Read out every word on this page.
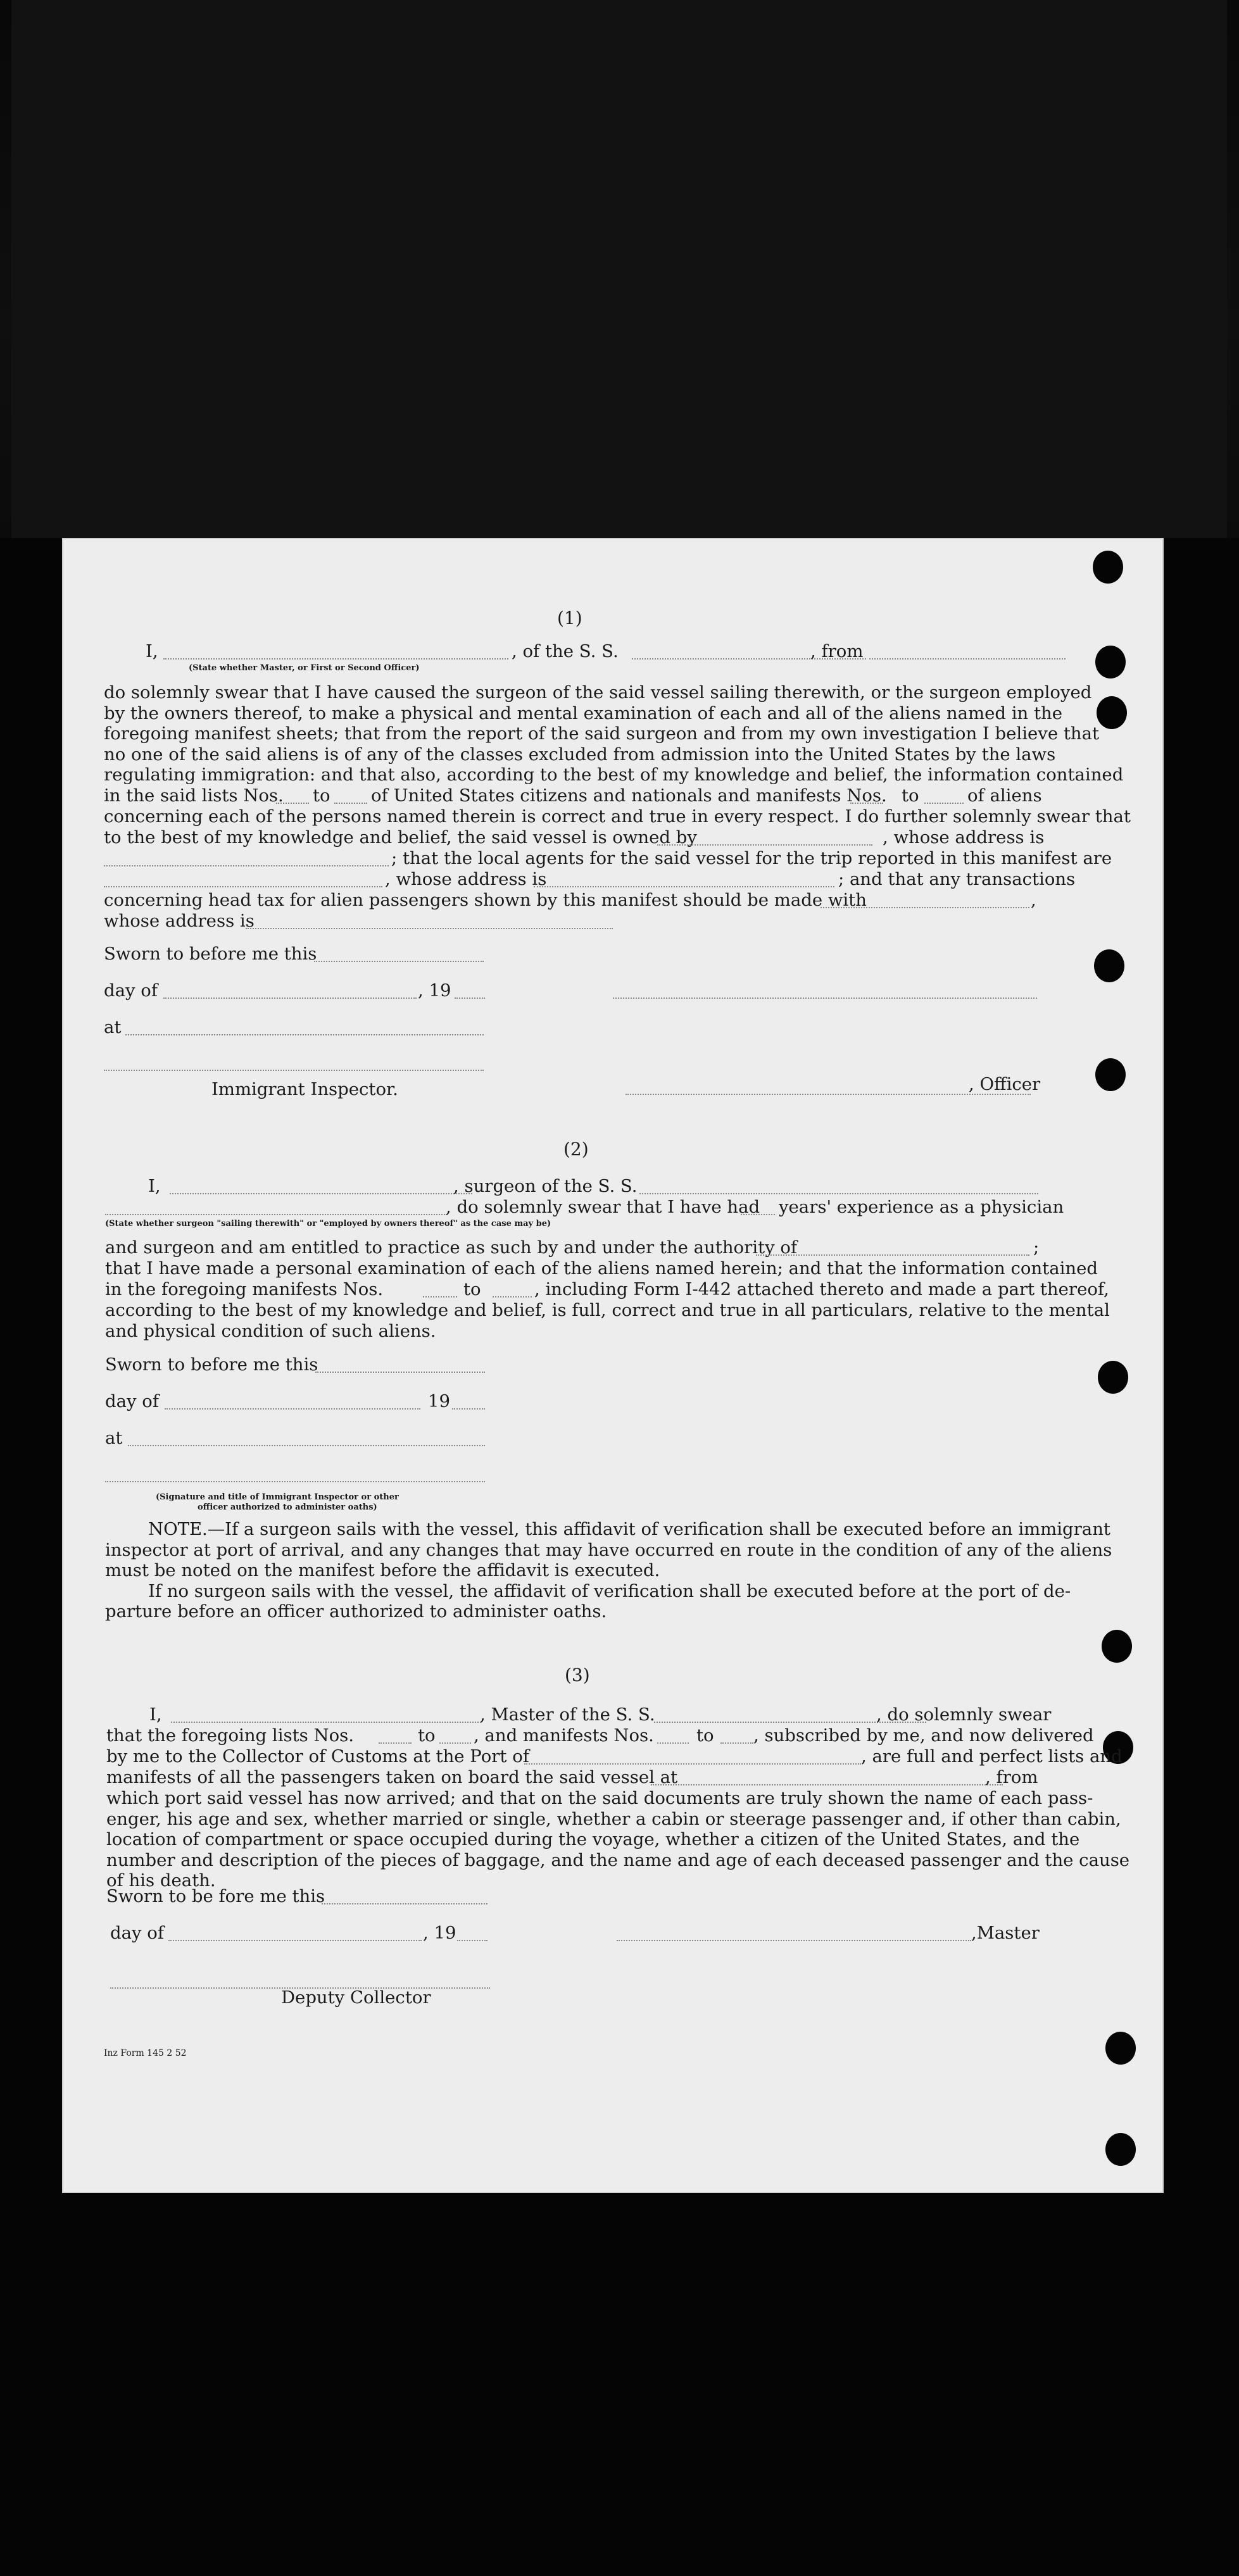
(1)
I,	, of the S. S.	, from
(State whether Master, or First or Second Officer)
do solemnly swear that I have caused the surgeon of the said vessel sailing therewith, or the surgeon employed
by the owners thereof, to make a physical and mental examination of each and all of the aliens named in the
foregoing manifest sheets; that from the report of the said surgeon and from my own investigation I believe that
no one of the said aliens is of any of the classes excluded from admission into the United States by the laws
regulating immigration: and that also, according to the best of my knowledge and belief, the information contained
in the said lists Nos. to of United States citizens and nationals and manifests Nos. to	of aliens
concerning each of the persons named therein is correct and true in every respect. I do further solemnly swear that
to the best of my knowledge and belief, the said vessel is owned by	, whose address is
; that the local agents for the said vessel for the trip reported in this manifest are
, whose address is	; and that any transactions
concerning head tax for alien passengers shown by this manifest should be made with	,
whose address is
Sworn to before me this
day of	, 19
at
Immigrant Inspector.	, Officer
(2)
I,	, surgeon of the S. S.
, do solemnly swear that I have had years' experience as a physician
(State whether surgeon "sailing therewith" or "employed by owners thereof" as the case may be)
and surgeon and am entitled to practice as such by and under the authority of	;
that I have made a personal examination of each of the aliens named herein; and that the information contained
in the foregoing manifests Nos.	to	, including Form I-442 attached thereto and made a part thereof,
according to the best of my knowledge and belief, is full, correct and true in all particulars, relative to the mental
and physical condition of such aliens.
Sworn to before me this
day of	19
at
(Signature and title of Immigrant Inspector or other
officer authorized to administer oaths)
NOTE.—If a surgeon sails with the vessel, this affidavit of verification shall be executed before an immigrant
inspector at port of arrival, and any changes that may have occurred en route in the condition of any of the aliens
must be noted on the manifest before the affidavit is executed.
If no surgeon sails with the vessel, the affidavit of verification shall be executed before at the port of de-
parture before an officer authorized to administer oaths.
(3)
I,	, Master of the S. S.	, do solemnly swear
that the foregoing lists Nos.	to , and manifests Nos. to , subscribed by me, and now delivered
by me to the Collector of Customs at the Port of	, are full and perfect lists and
manifests of all the passengers taken on board the said vessel at	, from
which port said vessel has now arrived; and that on the said documents are truly shown the name of each pass-
enger, his age and sex, whether married or single, whether a cabin or steerage passenger and, if other than cabin,
location of compartment or space occupied during the voyage, whether a citizen of the United States, and the
number and description of the pieces of baggage, and the name and age of each deceased passenger and the cause
of his death.
Sworn to be fore me this
day of	, 19	,Master
Deputy Collector
Inz Form 145 2 52
